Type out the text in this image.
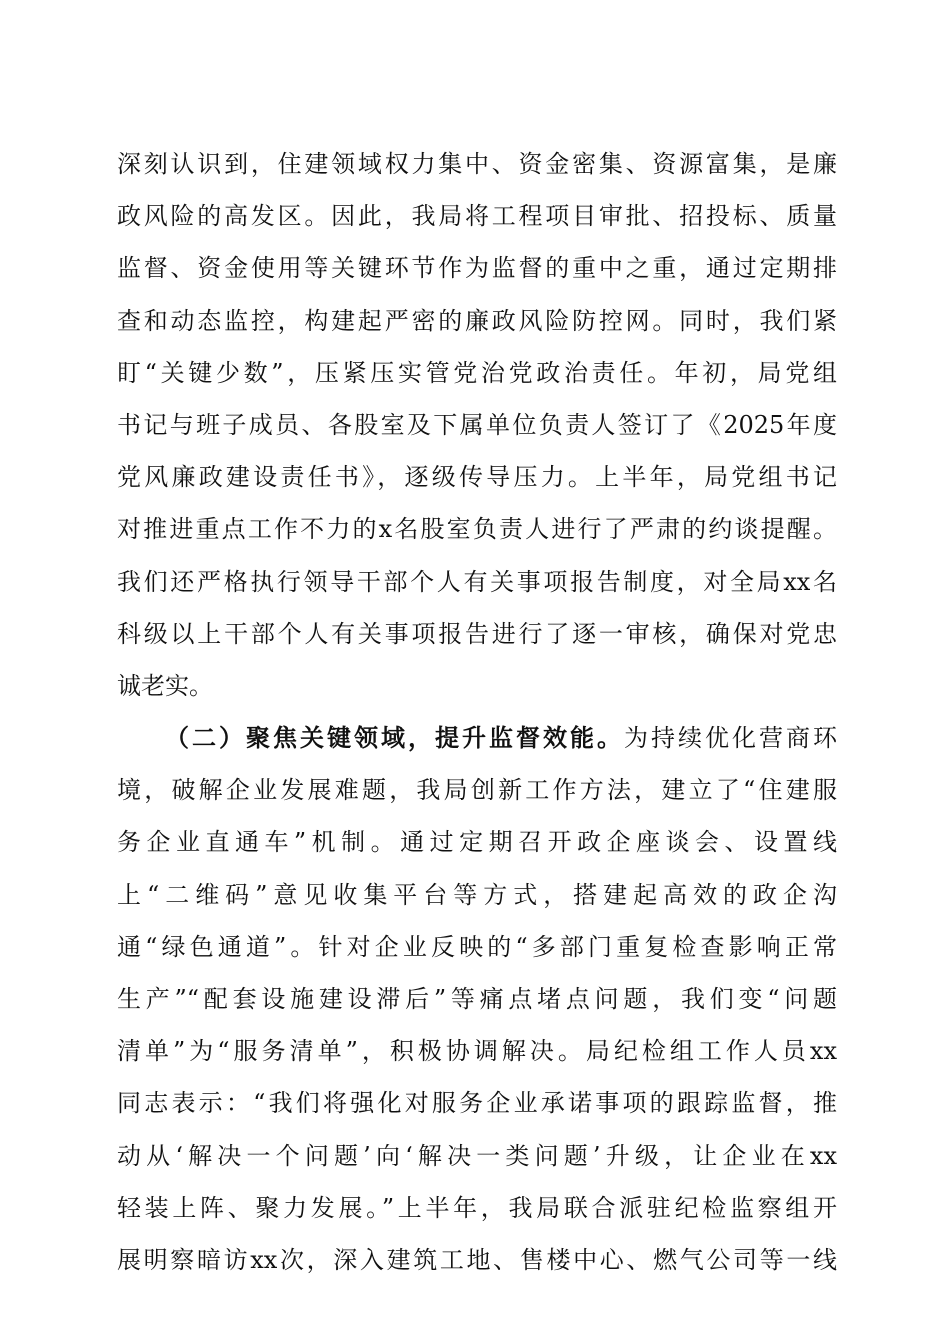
深刻认识到，住建领域权力集中、资金密集、资源富集，是廉
政风险的高发区。因此，我局将工程项目审批、招投标、质量
监督、资金使用等关键环节作为监督的重中之重，通过定期排
查和动态监控，构建起严密的廉政风险防控网。同时，我们紧
盯“关键少数”，压紧压实管党治党政治责任。年初，局党组
书记与班子成员、各股室及下属单位负责人签订了《2025年度
党风廉政建设责任书》，逐级传导压力。上半年，局党组书记
对推进重点工作不力的x名股室负责人进行了严肃的约谈提醒。
我们还严格执行领导干部个人有关事项报告制度，对全局xx名
科级以上干部个人有关事项报告进行了逐一审核，确保对党忠
诚老实。
（二）聚焦关键领域，提升监督效能。为持续优化营商环
境，破解企业发展难题，我局创新工作方法，建立了“住建服
务企业直通车”机制。通过定期召开政企座谈会、设置线
上“二维码”意见收集平台等方式，搭建起高效的政企沟
通“绿色通道”。针对企业反映的“多部门重复检查影响正常
生产”“配套设施建设滞后”等痛点堵点问题，我们变“问题
清单”为“服务清单”，积极协调解决。局纪检组工作人员xx
同志表示：“我们将强化对服务企业承诺事项的跟踪监督，推
动从‘解决一个问题’向‘解决一类问题’升级，让企业在xx
轻装上阵、聚力发展。”上半年，我局联合派驻纪检监察组开
展明察暗访xx次，深入建筑工地、售楼中心、燃气公司等一线
